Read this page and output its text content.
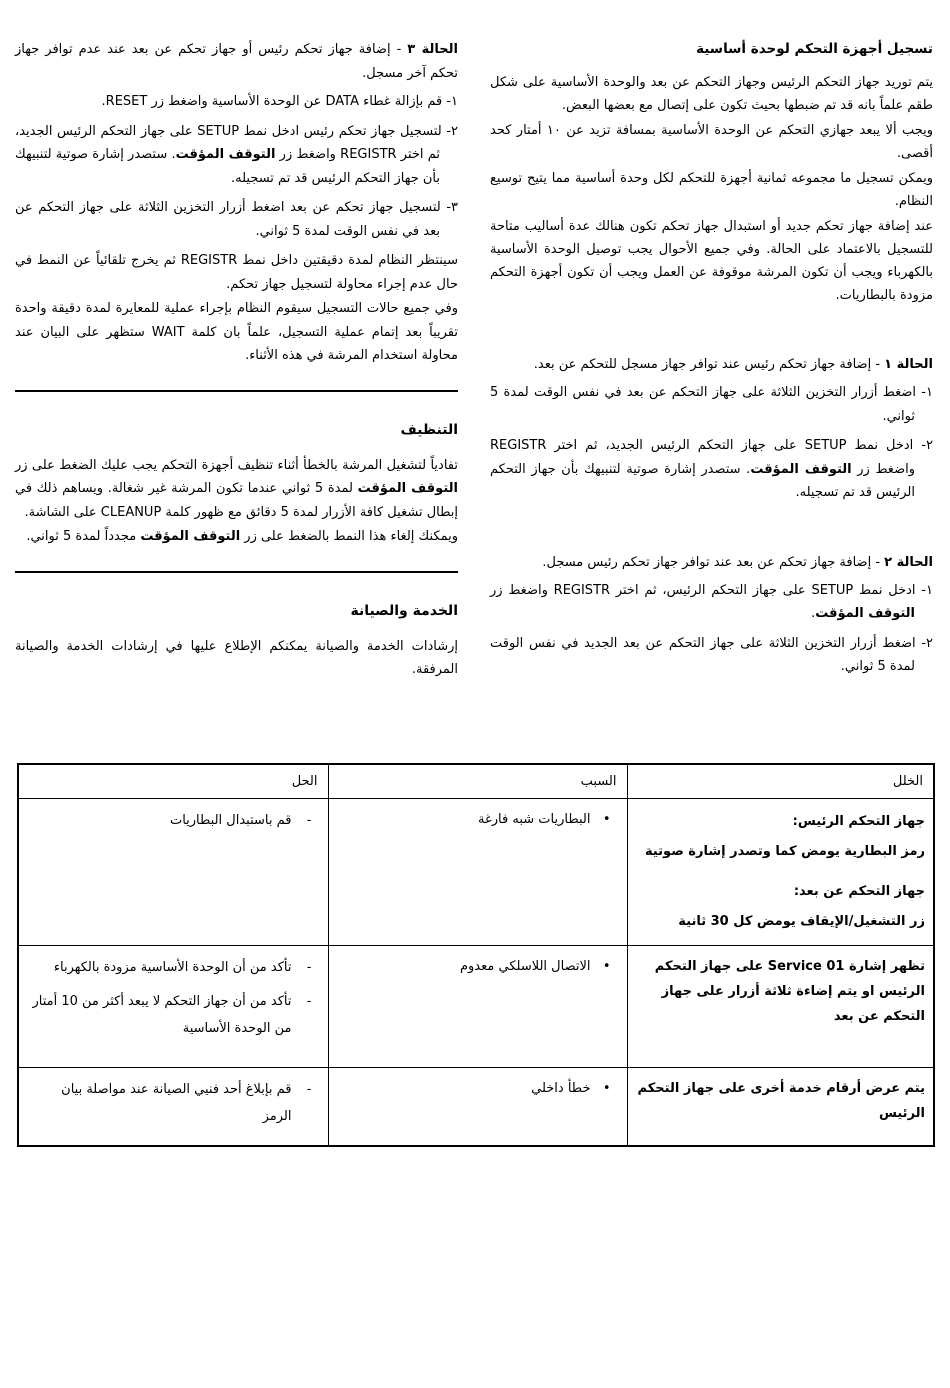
تسجيل أجهزة التحكم لوحدة أساسية

يتم توريد جهاز التحكم الرئيس وجهاز التحكم عن بعد والوحدة الأساسية على شكل طقم علماً بانه قد تم ضبطها بحيث تكون على إتصال مع بعضها البعض.

ويجب ألا يبعد جهازي التحكم عن الوحدة الأساسية بمسافة تزيد عن ١٠ أمتار كحد أقصى.

ويمكن تسجيل ما مجموعه ثمانية أجهزة للتحكم لكل وحدة أساسية مما يتيح توسيع النظام.

عند إضافة جهاز تحكم جديد أو استبدال جهاز تحكم تكون هنالك عدة أساليب متاحة للتسجيل بالاعتماد على الحالة. وفي جميع الأحوال يجب توصيل الوحدة الأساسية بالكهرباء ويجب أن تكون المرشة موقوفة عن العمل ويجب أن تكون أجهزة التحكم مزودة بالبطاريات.

الحالة ١ - إضافة جهاز تحكم رئيس عند توافر جهاز مسجل للتحكم عن بعد.

١- اضغط أزرار التخزين الثلاثة على جهاز التحكم عن بعد في نفس الوقت لمدة 5 ثواني.

٢- ادخل نمط SETUP على جهاز التحكم الرئيس الجديد، ثم اختر REGISTR واضغط زر التوقف المؤقت. ستصدر إشارة صوتية لتنبيهك بأن جهاز التحكم الرئيس قد تم تسجيله.

الحالة ٢ - إضافة جهاز تحكم عن بعد عند توافر جهاز تحكم رئيس مسجل.

١- ادخل نمط SETUP على جهاز التحكم الرئيس، ثم اختر REGISTR واضغط زر التوقف المؤقت.

٢- اضغط أزرار التخزين الثلاثة على جهاز التحكم عن بعد الجديد في نفس الوقت لمدة 5 ثواني.

الحالة ٣ - إضافة جهاز تحكم رئيس أو جهاز تحكم عن بعد عند عدم توافر جهاز تحكم آخر مسجل.

١- قم بإزالة غطاء DATA عن الوحدة الأساسية واضغط زر RESET.

٢- لتسجيل جهاز تحكم رئيس ادخل نمط SETUP على جهاز التحكم الرئيس الجديد، ثم اختر REGISTR واضغط زر التوقف المؤقت. ستصدر إشارة صوتية لتنبيهك بأن جهاز التحكم الرئيس قد تم تسجيله.

٣- لتسجيل جهاز تحكم عن بعد اضغط أزرار التخزين الثلاثة على جهاز التحكم عن بعد في نفس الوقت لمدة 5 ثواني.

سينتظر النظام لمدة دقيقتين داخل نمط REGISTR ثم يخرج تلقائياً عن النمط في حال عدم إجراء محاولة لتسجيل جهاز تحكم.

وفي جميع حالات التسجيل سيقوم النظام بإجراء عملية للمعايرة لمدة دقيقة واحدة تقريباً بعد إتمام عملية التسجيل، علماً بان كلمة WAIT ستظهر على البيان عند محاولة استخدام المرشة في هذه الأثناء.

التنظيف

تفادياً لتشغيل المرشة بالخطأ أثناء تنظيف أجهزة التحكم يجب عليك الضغط على زر التوقف المؤقت لمدة 5 ثواني عندما تكون المرشة غير شغالة. ويساهم ذلك في إبطال تشغيل كافة الأزرار لمدة 5 دقائق مع ظهور كلمة CLEANUP على الشاشة.

ويمكنك إلغاء هذا النمط بالضغط على زر التوقف المؤقت مجدداً لمدة 5 ثواني.

الخدمة والصيانة

إرشادات الخدمة والصيانة يمكنكم الإطلاع عليها في إرشادات الخدمة والصيانة المرفقة.

الخلل	السبب	الحل

جهاز التحكم الرئيس:
رمز البطارية يومض كما وتصدر إشارة صوتية
جهاز التحكم عن بعد:
زر التشغيل/الإيقاف يومض كل 30 ثانية	• البطاريات شبه فارغة	- قم باستبدال البطاريات

تظهر إشارة Service 01 على جهاز التحكم الرئيس او يتم إضاءة ثلاثة أزرار على جهاز التحكم عن بعد	• الاتصال اللاسلكي معدوم	- تأكد من أن الوحدة الأساسية مزودة بالكهرباء
- تأكد من أن جهاز التحكم لا يبعد أكثر من 10 أمتار من الوحدة الأساسية

يتم عرض أرقام خدمة أخرى على جهاز التحكم الرئيس	• خطأ داخلي	- قم بإبلاغ أحد فنيي الصيانة عند مواصلة بيان الرمز
